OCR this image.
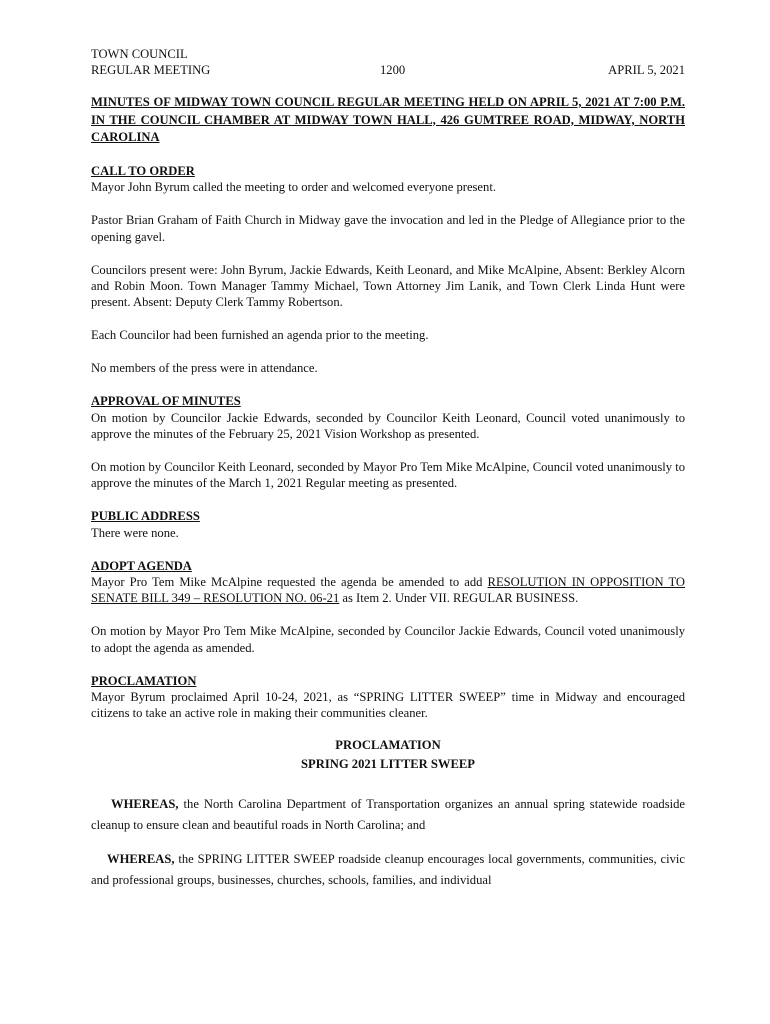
TOWN COUNCIL
REGULAR MEETING	1200	APRIL 5, 2021
MINUTES OF MIDWAY TOWN COUNCIL REGULAR MEETING HELD ON APRIL 5, 2021 AT 7:00 P.M. IN THE COUNCIL CHAMBER AT MIDWAY TOWN HALL, 426 GUMTREE ROAD, MIDWAY, NORTH CAROLINA
CALL TO ORDER

Mayor John Byrum called the meeting to order and welcomed everyone present.

Pastor Brian Graham of Faith Church in Midway gave the invocation and led in the Pledge of Allegiance prior to the opening gavel.

Councilors present were: John Byrum, Jackie Edwards, Keith Leonard, and Mike McAlpine, Absent: Berkley Alcorn and Robin Moon. Town Manager Tammy Michael, Town Attorney Jim Lanik, and Town Clerk Linda Hunt were present. Absent: Deputy Clerk Tammy Robertson.

Each Councilor had been furnished an agenda prior to the meeting.

No members of the press were in attendance.

APPROVAL OF MINUTES

On motion by Councilor Jackie Edwards, seconded by Councilor Keith Leonard, Council voted unanimously to approve the minutes of the February 25, 2021 Vision Workshop as presented.

On motion by Councilor Keith Leonard, seconded by Mayor Pro Tem Mike McAlpine, Council voted unanimously to approve the minutes of the March 1, 2021 Regular meeting as presented.

PUBLIC ADDRESS

There were none.

ADOPT AGENDA

Mayor Pro Tem Mike McAlpine requested the agenda be amended to add RESOLUTION IN OPPOSITION TO SENATE BILL 349 – RESOLUTION NO. 06-21 as Item 2. Under VII. REGULAR BUSINESS.

On motion by Mayor Pro Tem Mike McAlpine, seconded by Councilor Jackie Edwards, Council voted unanimously to adopt the agenda as amended.

PROCLAMATION

Mayor Byrum proclaimed April 10-24, 2021, as “SPRING LITTER SWEEP” time in Midway and encouraged citizens to take an active role in making their communities cleaner.

PROCLAMATION
SPRING 2021 LITTER SWEEP

WHEREAS, the North Carolina Department of Transportation organizes an annual spring statewide roadside cleanup to ensure clean and beautiful roads in North Carolina; and

WHEREAS, the SPRING LITTER SWEEP roadside cleanup encourages local governments, communities, civic and professional groups, businesses, churches, schools, families, and individual
